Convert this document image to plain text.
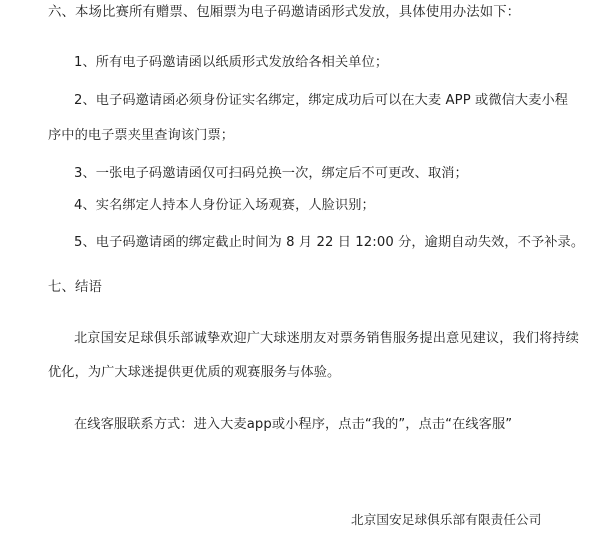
六、本场比赛所有赠票、包厢票为电子码邀请函形式发放，具体使用办法如下：
1、所有电子码邀请函以纸质形式发放给各相关单位；
2、电子码邀请函必须身份证实名绑定，绑定成功后可以在大麦 APP 或微信大麦小程
序中的电子票夹里查询该门票；
3、一张电子码邀请函仅可扫码兑换一次，绑定后不可更改、取消；
4、实名绑定人持本人身份证入场观赛，人脸识别；
5、电子码邀请函的绑定截止时间为 8 月 22 日 12:00 分，逾期自动失效，不予补录。
七、结语
北京国安足球俱乐部诚挚欢迎广大球迷朋友对票务销售服务提出意见建议，我们将持续
优化，为广大球迷提供更优质的观赛服务与体验。
在线客服联系方式：进入大麦app或小程序，点击“我的”，点击“在线客服”
北京国安足球俱乐部有限责任公司
